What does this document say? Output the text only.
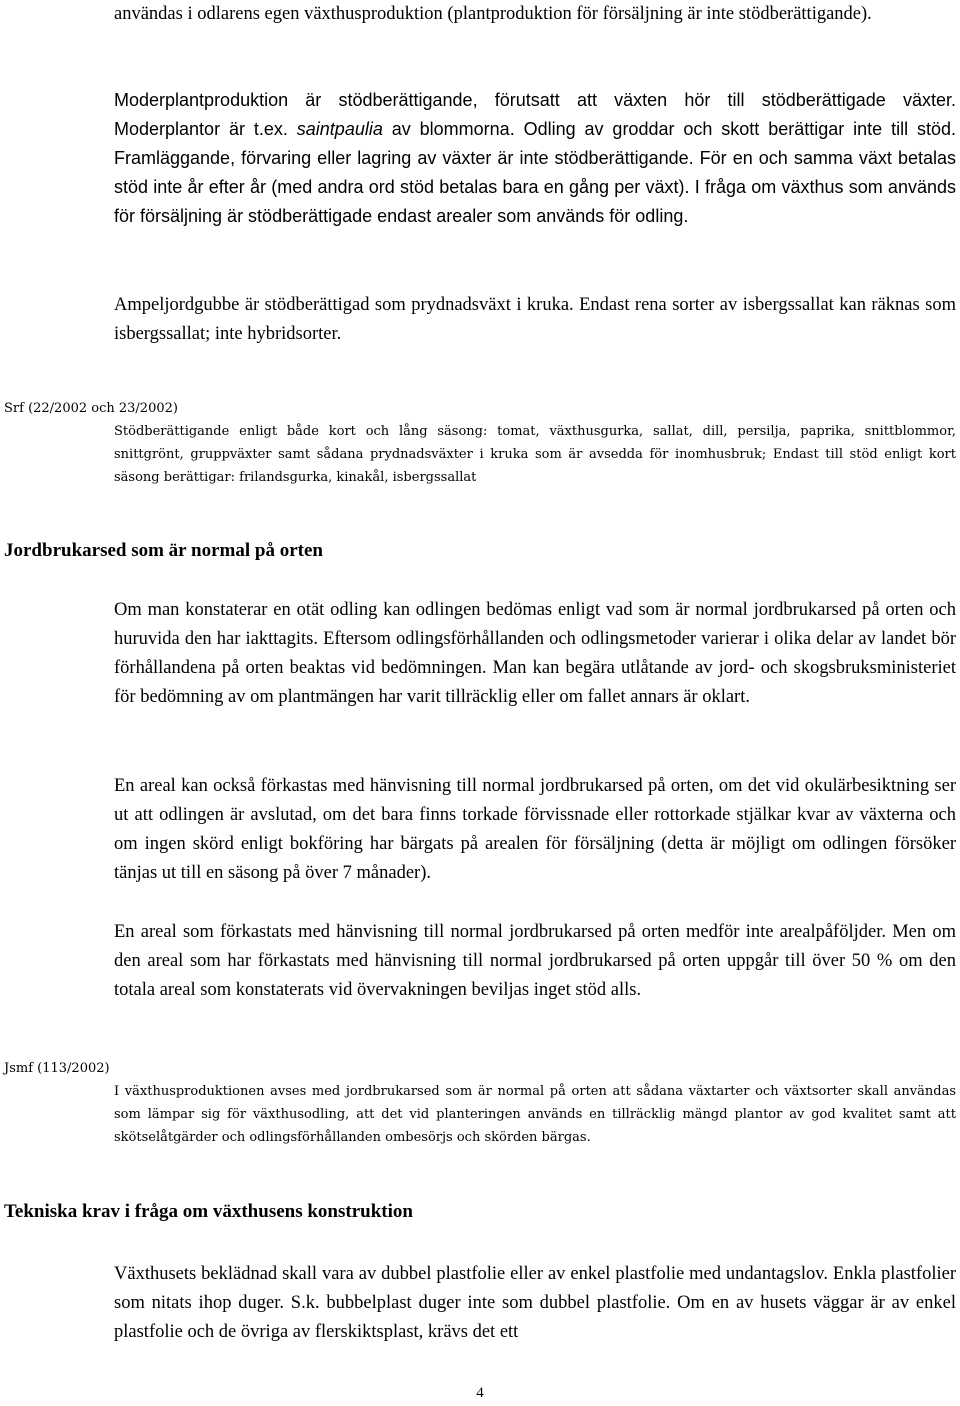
användas i odlarens egen växthusproduktion (plantproduktion för försäljning är inte stödberättigande).
Moderplantproduktion är stödberättigande, förutsatt att växten hör till stödberättigade växter. Moderplantor är t.ex. saintpaulia av blommorna. Odling av groddar och skott berättigar inte till stöd. Framläggande, förvaring eller lagring av växter är inte stödberättigande. För en och samma växt betalas stöd inte år efter år (med andra ord stöd betalas bara en gång per växt). I fråga om växthus som används för försäljning är stödberättigade endast arealer som används för odling.
Ampeljordgubbe är stödberättigad som prydnadsväxt i kruka. Endast rena sorter av isbergssallat kan räknas som isbergssallat; inte hybridsorter.
Srf (22/2002 och 23/2002)
Stödberättigande enligt både kort och lång säsong: tomat, växthusgurka, sallat, dill, persilja, paprika, snittblommor, snittgrönt, gruppväxter samt sådana prydnadsväxter i kruka som är avsedda för inomhusbruk; Endast till stöd enligt kort säsong berättigar: frilandsgurka, kinakål, isbergssallat
Jordbrukarsed som är normal på orten
Om man konstaterar en otät odling kan odlingen bedömas enligt vad som är normal jordbrukarsed på orten och huruvida den har iakttagits. Eftersom odlingsförhållanden och odlingsmetoder varierar i olika delar av landet bör förhållandena på orten beaktas vid bedömningen. Man kan begära utlåtande av jord- och skogsbruksministeriet för bedömning av om plantmängen har varit tillräcklig eller om fallet annars är oklart.
En areal kan också förkastas med hänvisning till normal jordbrukarsed på orten, om det vid okulärbesiktning ser ut att odlingen är avslutad, om det bara finns torkade förvissnade eller rottorkade stjälkar kvar av växterna och om ingen skörd enligt bokföring har bärgats på arealen för försäljning (detta är möjligt om odlingen försöker tänjas ut till en säsong på över 7 månader).
En areal som förkastats med hänvisning till normal jordbrukarsed på orten medför inte arealpåföljder. Men om den areal som har förkastats med hänvisning till normal jordbrukarsed på orten uppgår till över 50 % om den totala areal som konstaterats vid övervakningen beviljas inget stöd alls.
Jsmf (113/2002)
I växthusproduktionen avses med jordbrukarsed som är normal på orten att sådana växtarter och växtsorter skall användas som lämpar sig för växthusodling, att det vid planteringen används en tillräcklig mängd plantor av god kvalitet samt att skötselåtgärder och odlingsförhållanden ombesörjs och skörden bärgas.
Tekniska krav i fråga om växthusens konstruktion
Växthusets beklädnad skall vara av dubbel plastfolie eller av enkel plastfolie med undantagslov. Enkla plastfolier som nitats ihop duger. S.k. bubbelplast duger inte som dubbel plastfolie. Om en av husets väggar är av enkel plastfolie och de övriga av flerskiktsplast, krävs det ett
4
